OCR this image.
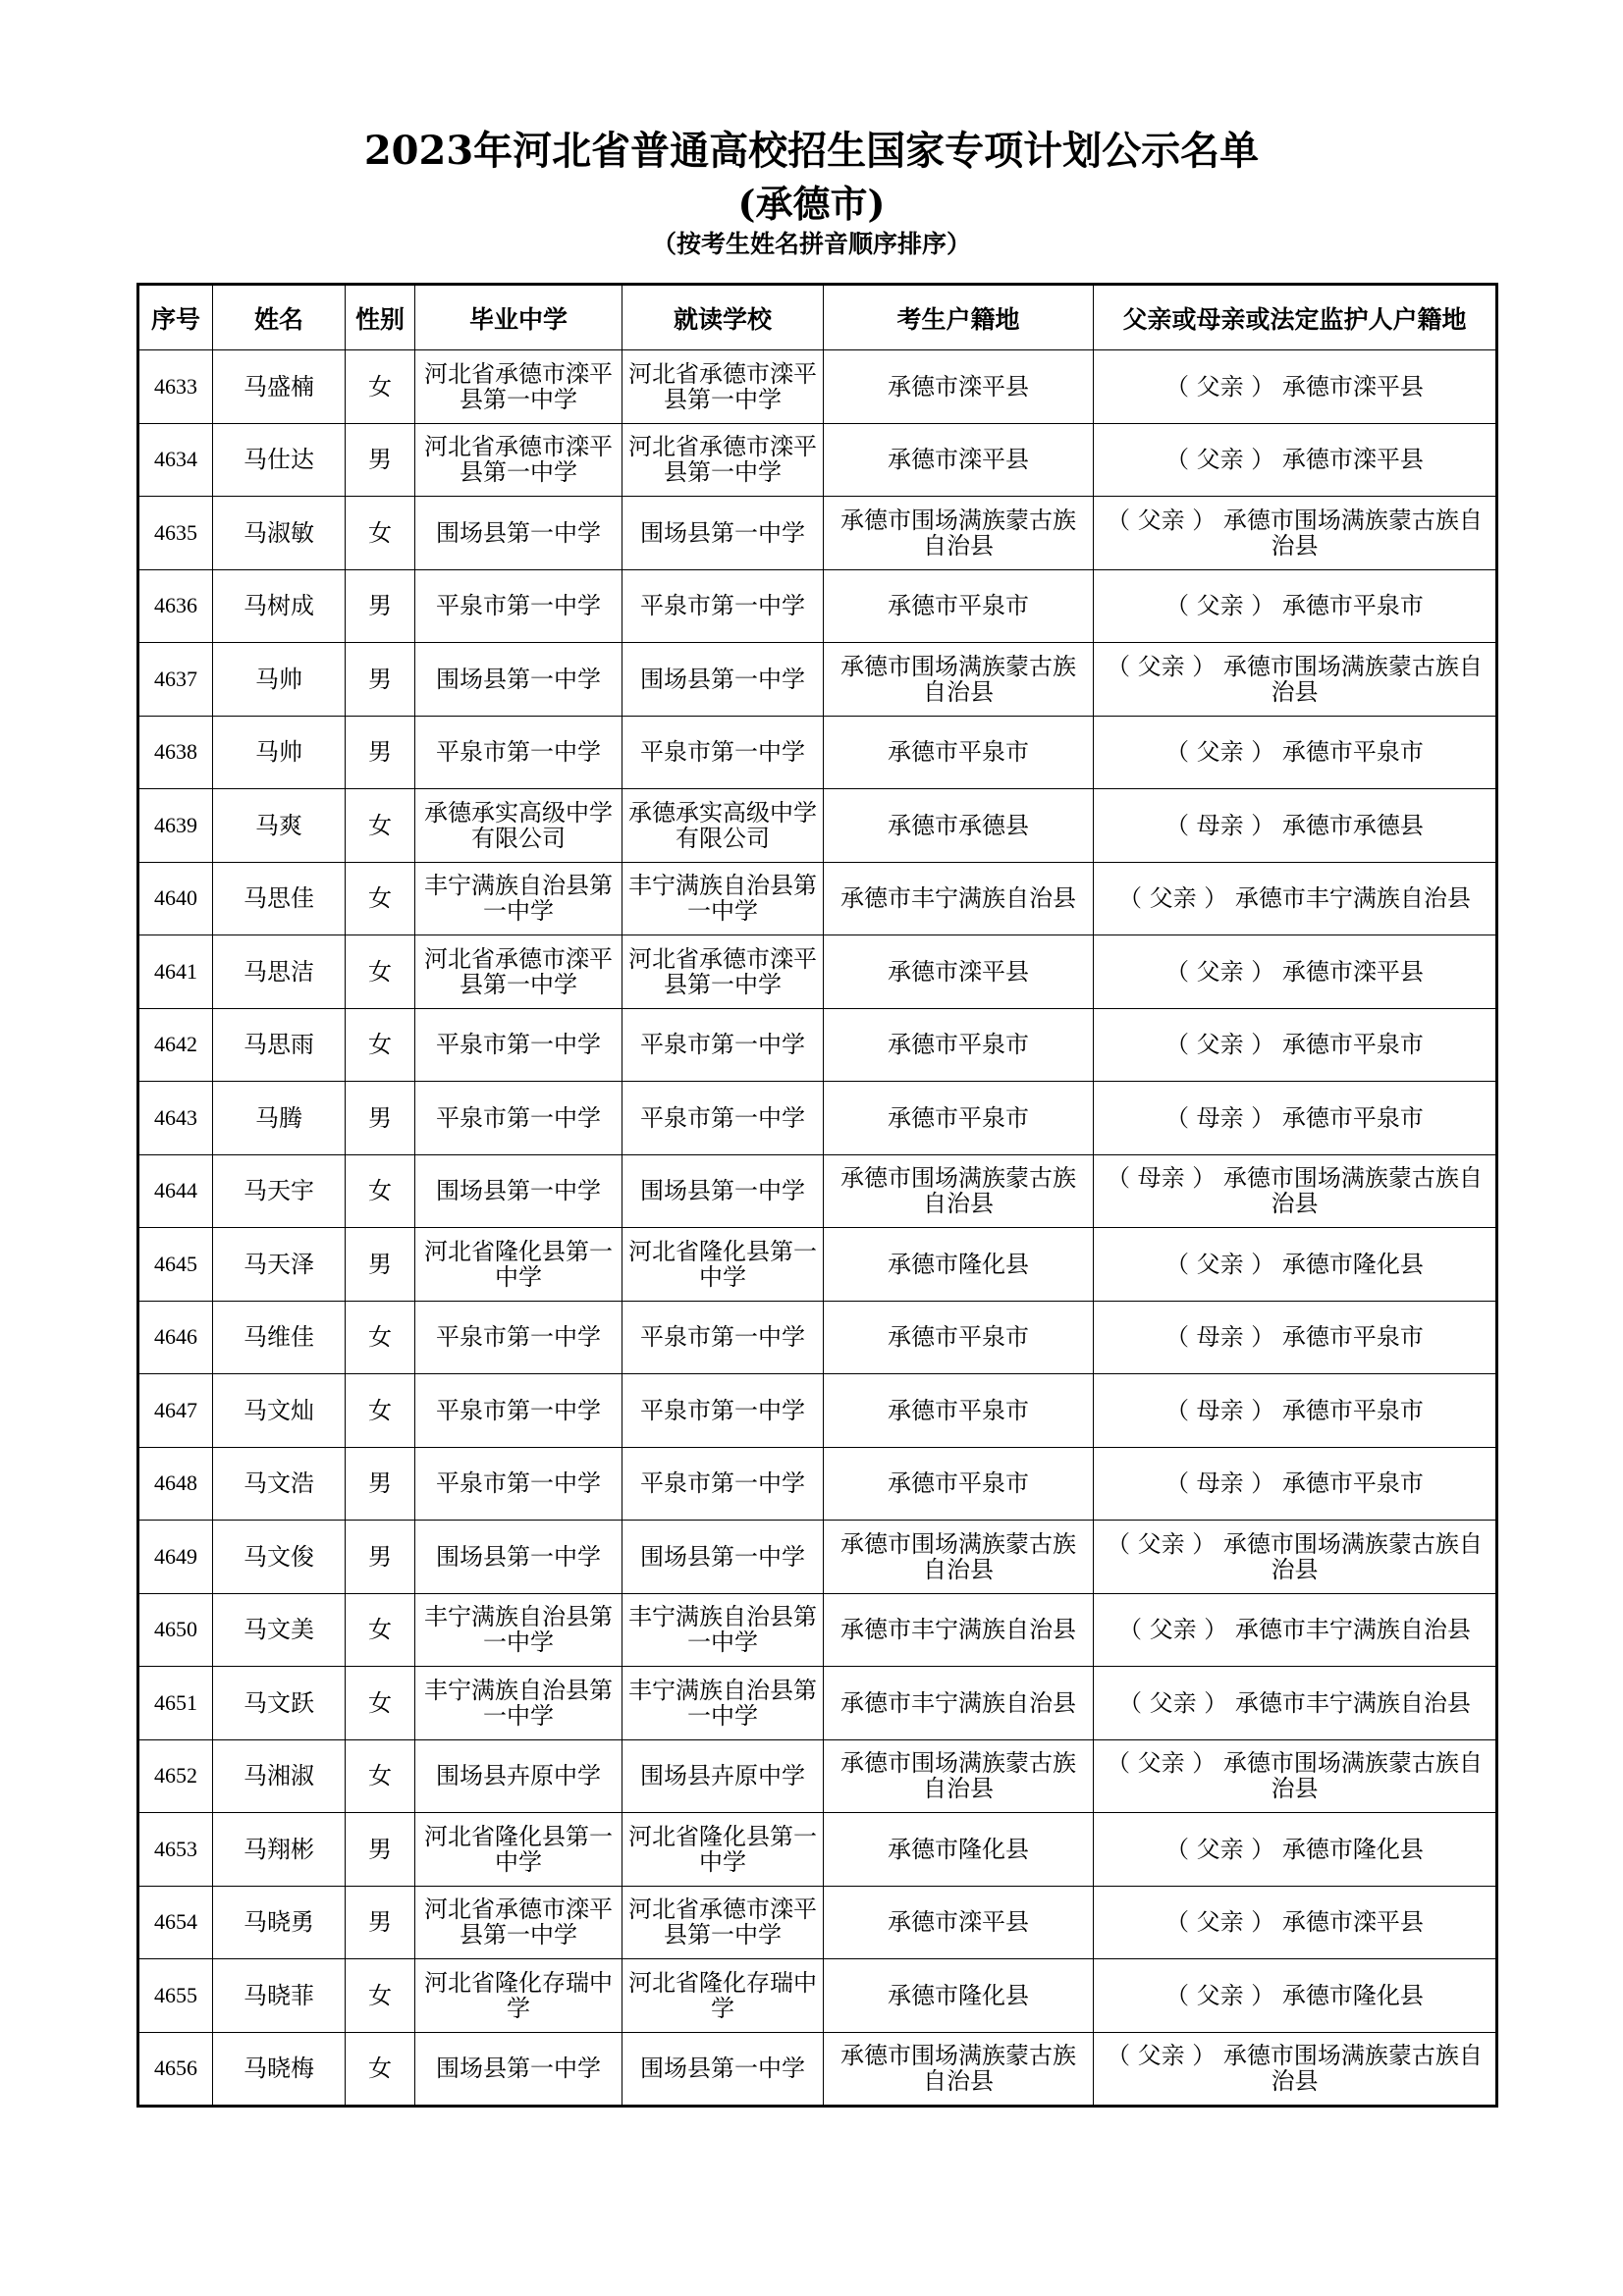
2023年河北省普通高校招生国家专项计划公示名单
(承德市)
（按考生姓名拼音顺序排序）
序号	姓名	性别	毕业中学	就读学校	考生户籍地	父亲或母亲或法定监护人户籍地
4633	马盛楠	女	河北省承德市滦平县第一中学	河北省承德市滦平县第一中学	承德市滦平县	（ 父亲 ） 承德市滦平县
4634	马仕达	男	河北省承德市滦平县第一中学	河北省承德市滦平县第一中学	承德市滦平县	（ 父亲 ） 承德市滦平县
4635	马淑敏	女	围场县第一中学	围场县第一中学	承德市围场满族蒙古族自治县	（ 父亲 ） 承德市围场满族蒙古族自治县
4636	马树成	男	平泉市第一中学	平泉市第一中学	承德市平泉市	（ 父亲 ） 承德市平泉市
4637	马帅	男	围场县第一中学	围场县第一中学	承德市围场满族蒙古族自治县	（ 父亲 ） 承德市围场满族蒙古族自治县
4638	马帅	男	平泉市第一中学	平泉市第一中学	承德市平泉市	（ 父亲 ） 承德市平泉市
4639	马爽	女	承德承实高级中学有限公司	承德承实高级中学有限公司	承德市承德县	（ 母亲 ） 承德市承德县
4640	马思佳	女	丰宁满族自治县第一中学	丰宁满族自治县第一中学	承德市丰宁满族自治县	（ 父亲 ） 承德市丰宁满族自治县
4641	马思洁	女	河北省承德市滦平县第一中学	河北省承德市滦平县第一中学	承德市滦平县	（ 父亲 ） 承德市滦平县
4642	马思雨	女	平泉市第一中学	平泉市第一中学	承德市平泉市	（ 父亲 ） 承德市平泉市
4643	马腾	男	平泉市第一中学	平泉市第一中学	承德市平泉市	（ 母亲 ） 承德市平泉市
4644	马天宇	女	围场县第一中学	围场县第一中学	承德市围场满族蒙古族自治县	（ 母亲 ） 承德市围场满族蒙古族自治县
4645	马天泽	男	河北省隆化县第一中学	河北省隆化县第一中学	承德市隆化县	（ 父亲 ） 承德市隆化县
4646	马维佳	女	平泉市第一中学	平泉市第一中学	承德市平泉市	（ 母亲 ） 承德市平泉市
4647	马文灿	女	平泉市第一中学	平泉市第一中学	承德市平泉市	（ 母亲 ） 承德市平泉市
4648	马文浩	男	平泉市第一中学	平泉市第一中学	承德市平泉市	（ 母亲 ） 承德市平泉市
4649	马文俊	男	围场县第一中学	围场县第一中学	承德市围场满族蒙古族自治县	（ 父亲 ） 承德市围场满族蒙古族自治县
4650	马文美	女	丰宁满族自治县第一中学	丰宁满族自治县第一中学	承德市丰宁满族自治县	（ 父亲 ） 承德市丰宁满族自治县
4651	马文跃	女	丰宁满族自治县第一中学	丰宁满族自治县第一中学	承德市丰宁满族自治县	（ 父亲 ） 承德市丰宁满族自治县
4652	马湘淑	女	围场县卉原中学	围场县卉原中学	承德市围场满族蒙古族自治县	（ 父亲 ） 承德市围场满族蒙古族自治县
4653	马翔彬	男	河北省隆化县第一中学	河北省隆化县第一中学	承德市隆化县	（ 父亲 ） 承德市隆化县
4654	马晓勇	男	河北省承德市滦平县第一中学	河北省承德市滦平县第一中学	承德市滦平县	（ 父亲 ） 承德市滦平县
4655	马晓菲	女	河北省隆化存瑞中学	河北省隆化存瑞中学	承德市隆化县	（ 父亲 ） 承德市隆化县
4656	马晓梅	女	围场县第一中学	围场县第一中学	承德市围场满族蒙古族自治县	（ 父亲 ） 承德市围场满族蒙古族自治县
